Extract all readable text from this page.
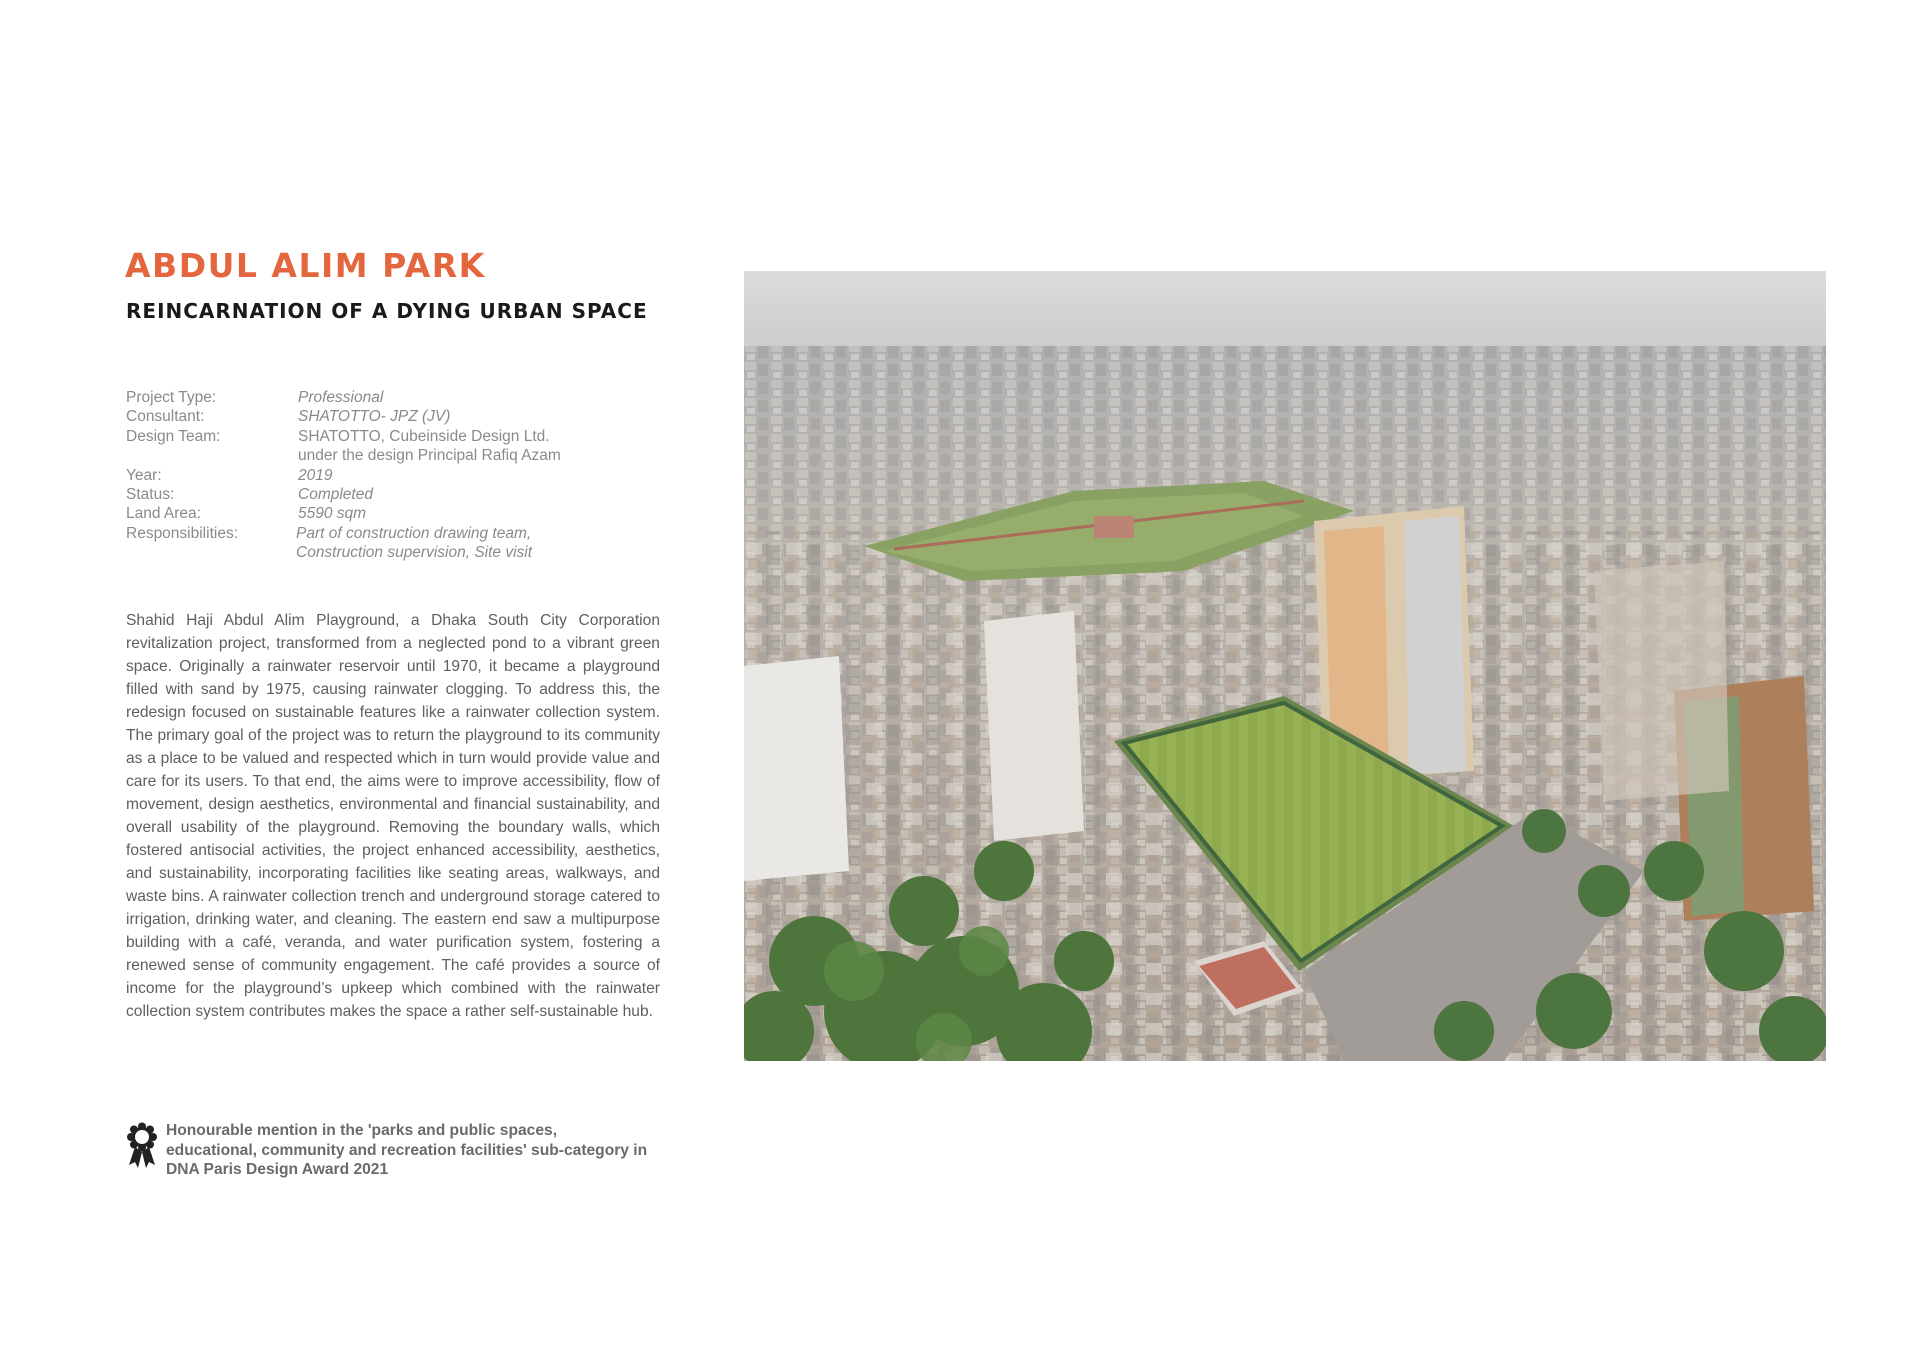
ABDUL ALIM PARK
REINCARNATION OF A DYING URBAN SPACE
Project Type:	Professional
Consultant:	SHATOTTO- JPZ (JV)
Design Team:	SHATOTTO, Cubeinside Design Ltd.
under the design Principal Rafiq Azam
Year:	2019
Status:	Completed
Land Area:	5590 sqm
Responsibilities:	Part of construction drawing team,
Construction supervision, Site visit

Shahid Haji Abdul Alim Playground, a Dhaka South City Corporation revitalization project, transformed from a neglected pond to a vibrant green space. Originally a rainwater reservoir until 1970, it became a playground filled with sand by 1975, causing rainwater clogging. To address this, the redesign focused on sustainable features like a rainwater collection system. The primary goal of the project was to return the playground to its community as a place to be valued and respected which in turn would provide value and care for its users. To that end, the aims were to improve accessibility, flow of movement, design aesthetics, environmental and financial sustainability, and overall usability of the playground. Removing the boundary walls, which fostered antisocial activities, the project enhanced accessibility, aesthetics, and sustainability, incorporating facilities like seating areas, walkways, and waste bins. A rainwater collection trench and underground storage catered to irrigation, drinking water, and cleaning. The eastern end saw a multipurpose building with a café, veranda, and water purification system, fostering a renewed sense of community engagement. The café provides a source of income for the playground’s upkeep which combined with the rainwater collection system contributes makes the space a rather self-sustainable hub.

Honourable mention in the 'parks and public spaces,
educational, community and recreation facilities' sub-category in
DNA Paris Design Award 2021
